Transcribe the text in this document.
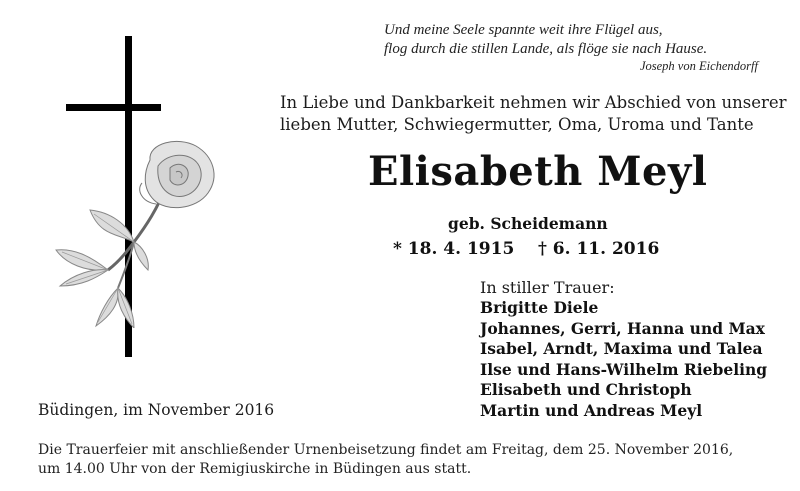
Und meine Seele spannte weit ihre Flügel aus,
flog durch die stillen Lande, als flöge sie nach Hause.
Joseph von Eichendorff
In Liebe und Dankbarkeit nehmen wir Abschied von unserer
lieben Mutter, Schwiegermutter, Oma, Uroma und Tante
Elisabeth Meyl
geb. Scheidemann
* 18. 4. 1915 † 6. 11. 2016
In stiller Trauer:
Brigitte Diele
Johannes, Gerri, Hanna und Max
Isabel, Arndt, Maxima und Talea
Ilse und Hans-Wilhelm Riebeling
Elisabeth und Christoph
Martin und Andreas Meyl
Büdingen, im November 2016
Die Trauerfeier mit anschließender Urnenbeisetzung findet am Freitag, dem 25. November 2016,
um 14.00 Uhr von der Remigiuskirche in Büdingen aus statt.
